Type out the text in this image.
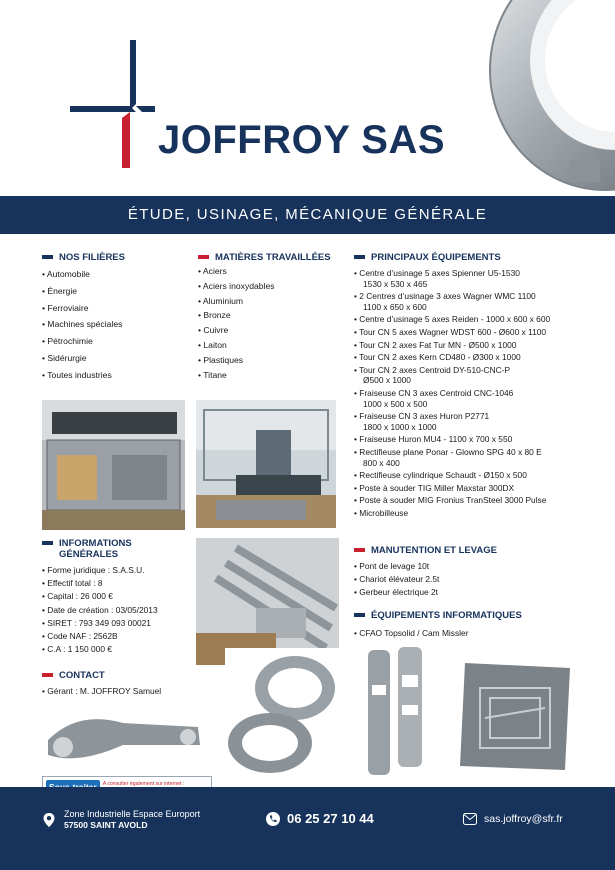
JOFFROY SAS
ÉTUDE, USINAGE, MÉCANIQUE GÉNÉRALE
NOS FILIÈRES
• Automobile
• Énergie
• Ferroviaire
• Machines spéciales
• Pétrochimie
• Sidérurgie
• Toutes industries
MATIÈRES TRAVAILLÉES
• Aciers
• Aciers inoxydables
• Aluminium
• Bronze
• Cuivre
• Laiton
• Plastiques
• Titane
PRINCIPAUX ÉQUIPEMENTS
• Centre d’usinage 5 axes Spienner U5-1530
1530 x 530 x 465
• 2 Centres d’usinage 3 axes Wagner WMC 1100
1100 x 650 x 600
• Centre d’usinage 5 axes Reiden - 1000 x 600 x 600
• Tour CN 5 axes Wagner WDST 600 - Ø600 x 1100
• Tour CN 2 axes Fat Tur MN - Ø500 x 1000
• Tour CN 2 axes Kern CD480 - Ø300 x 1000
• Tour CN 2 axes Centroid DY-510-CNC-P
Ø500 x 1000
• Fraiseuse CN 3 axes Centroid CNC-1046
1000 x 500 x 500
• Fraiseuse CN 3 axes Huron P2771
1800 x 1000 x 1000
• Fraiseuse Huron MU4 - 1100 x 700 x 550
• Rectifieuse plane Ponar - Glowno SPG 40 x 80 E
800 x 400
• Rectifieuse cylindrique Schaudt - Ø150 x 500
• Poste à souder TIG Miller Maxstar 300DX
• Poste à souder MIG Fronius TranSteel 3000 Pulse
• Microbilleuse
INFORMATIONS
GÉNÉRALES
• Forme juridique : S.A.S.U.
• Effectif total : 8
• Capital : 26 000 €
• Date de création : 03/05/2013
• SIRET : 793 349 093 00021
• Code NAF : 2562B
• C.A : 1 150 000 €
CONTACT
• Gérant : M. JOFFROY Samuel
MANUTENTION ET LEVAGE
• Pont de levage 10t
• Chariot élévateur 2.5t
• Gerbeur électrique 2t
ÉQUIPEMENTS INFORMATIQUES
• CFAO Topsolid / Cam Missler
A consulter également sur internet :
Zone Industrielle Espace Europort
57500 SAINT AVOLD	06 25 27 10 44	sas.joffroy@sfr.fr
